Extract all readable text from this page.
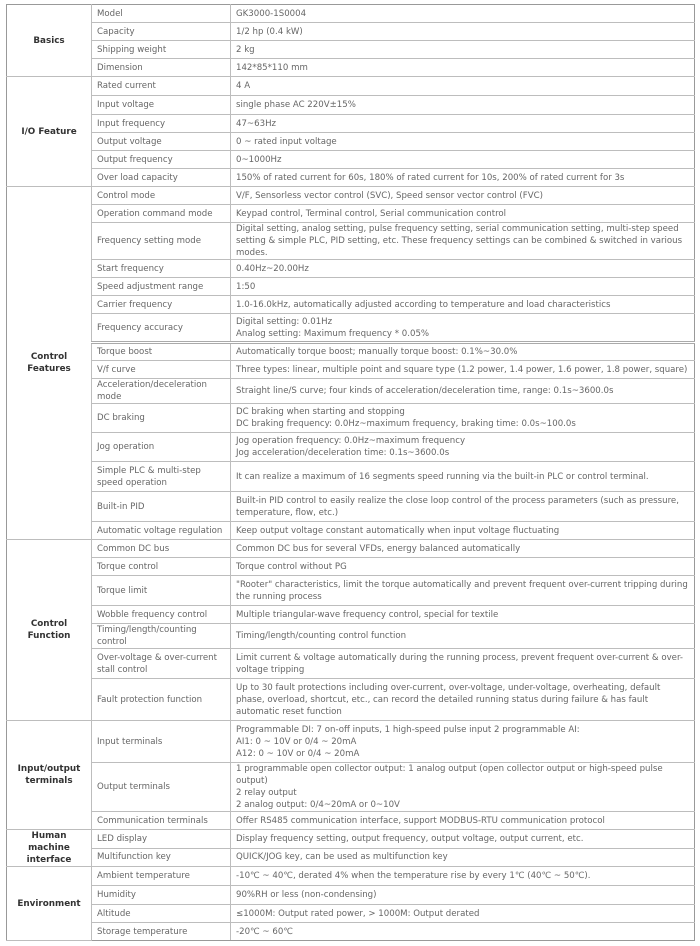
Basics	Model	GK3000-1S0004

	Capacity	1/2 hp (0.4 kW)

	Shipping weight	2 kg

	Dimension	142*85*110 mm

I/O Feature	Rated current	4 A

	Input voltage	single phase AC 220V±15%

	Input frequency	47~63Hz

	Output voltage	0 ~ rated input voltage

	Output frequency	0~1000Hz

	Over load capacity	150% of rated current for 60s, 180% of rated current for 10s, 200% of rated current for 3s

Control Features	Control mode	V/F, Sensorless vector control (SVC), Speed sensor vector control (FVC)

	Operation command mode	Keypad control, Terminal control, Serial communication control

	Frequency setting mode	Digital setting, analog setting, pulse frequency setting, serial communication setting, multi-step speed setting & simple PLC, PID setting, etc. These frequency settings can be combined & switched in various modes.

	Start frequency	0.40Hz~20.00Hz

	Speed adjustment range	1:50

	Carrier frequency	1.0-16.0kHz, automatically adjusted according to temperature and load characteristics

	Frequency accuracy	Digital setting: 0.01Hz
Analog setting: Maximum frequency * 0.05%

	Torque boost	Automatically torque boost; manually torque boost: 0.1%~30.0%

	V/f curve	Three types: linear, multiple point and square type (1.2 power, 1.4 power, 1.6 power, 1.8 power, square)

	Acceleration/deceleration mode	Straight line/S curve; four kinds of acceleration/deceleration time, range: 0.1s~3600.0s

	DC braking	DC braking when starting and stopping
DC braking frequency: 0.0Hz~maximum frequency, braking time: 0.0s~100.0s

	Jog operation	Jog operation frequency: 0.0Hz~maximum frequency
Jog acceleration/deceleration time: 0.1s~3600.0s

	Simple PLC & multi-step speed operation	It can realize a maximum of 16 segments speed running via the built-in PLC or control terminal.

	Built-in PID	Built-in PID control to easily realize the close loop control of the process parameters (such as pressure, temperature, flow, etc.)

	Automatic voltage regulation	Keep output voltage constant automatically when input voltage fluctuating

Control Function	Common DC bus	Common DC bus for several VFDs, energy balanced automatically

	Torque control	Torque control without PG

	Torque limit	"Rooter" characteristics, limit the torque automatically and prevent frequent over-current tripping during the running process

	Wobble frequency control	Multiple triangular-wave frequency control, special for textile

	Timing/length/counting control	Timing/length/counting control function

	Over-voltage & over-current stall control	Limit current & voltage automatically during the running process, prevent frequent over-current & over-voltage tripping

	Fault protection function	Up to 30 fault protections including over-current, over-voltage, under-voltage, overheating, default phase, overload, shortcut, etc., can record the detailed running status during failure & has fault automatic reset function

Input/output terminals	Input terminals	Programmable DI: 7 on-off inputs, 1 high-speed pulse input 2 programmable AI:
AI1: 0 ~ 10V or 0/4 ~ 20mA
A12: 0 ~ 10V or 0/4 ~ 20mA

	Output terminals	1 programmable open collector output: 1 analog output (open collector output or high-speed pulse output)
2 relay output
2 analog output: 0/4~20mA or 0~10V

	Communication terminals	Offer RS485 communication interface, support MODBUS-RTU communication protocol

Human machine interface	LED display	Display frequency setting, output frequency, output voltage, output current, etc.

	Multifunction key	QUICK/JOG key, can be used as multifunction key

Environment	Ambient temperature	-10℃ ~ 40℃, derated 4% when the temperature rise by every 1℃ (40℃ ~ 50℃).

	Humidity	90%RH or less (non-condensing)

	Altitude	≤1000M: Output rated power, > 1000M: Output derated

	Storage temperature	-20℃ ~ 60℃
